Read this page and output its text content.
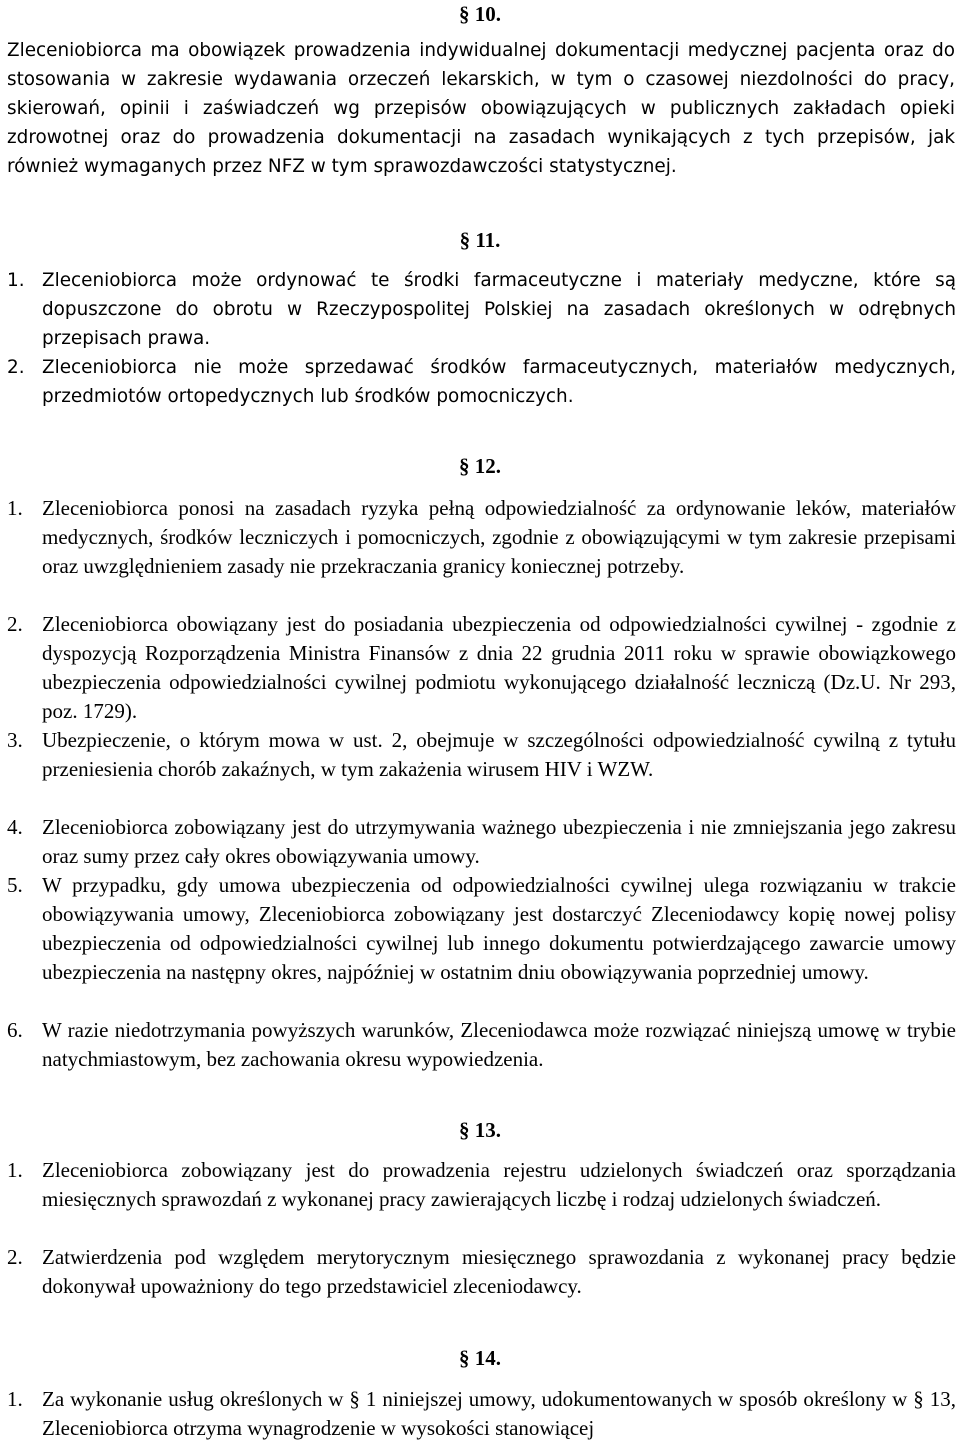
§ 10.

Zleceniobiorca ma obowiązek prowadzenia indywidualnej dokumentacji medycznej pacjenta oraz do stosowania w zakresie wydawania orzeczeń lekarskich, w tym o czasowej niezdolności do pracy, skierowań, opinii i zaświadczeń wg przepisów obowiązujących w publicznych zakładach opieki zdrowotnej oraz do prowadzenia dokumentacji na zasadach wynikających z tych przepisów, jak również wymaganych przez NFZ w tym sprawozdawczości statystycznej.

§ 11.
1. Zleceniobiorca może ordynować te środki farmaceutyczne i materiały medyczne, które są dopuszczone do obrotu w Rzeczypospolitej Polskiej na zasadach określonych w odrębnych przepisach prawa.
2. Zleceniobiorca nie może sprzedawać środków farmaceutycznych, materiałów medycznych, przedmiotów ortopedycznych lub środków pomocniczych.
§ 12.
1. Zleceniobiorca ponosi na zasadach ryzyka pełną odpowiedzialność za ordynowanie leków, materiałów medycznych, środków leczniczych i pomocniczych, zgodnie z obowiązującymi w tym zakresie przepisami oraz uwzględnieniem zasady nie przekraczania granicy koniecznej potrzeby.
2. Zleceniobiorca obowiązany jest do posiadania ubezpieczenia od odpowiedzialności cywilnej - zgodnie z dyspozycją Rozporządzenia Ministra Finansów z dnia 22 grudnia 2011 roku w sprawie obowiązkowego ubezpieczenia odpowiedzialności cywilnej podmiotu wykonującego działalność leczniczą (Dz.U. Nr 293, poz. 1729).
3. Ubezpieczenie, o którym mowa w ust. 2, obejmuje w szczególności odpowiedzialność cywilną z tytułu przeniesienia chorób zakaźnych, w tym zakażenia wirusem HIV i WZW.
4. Zleceniobiorca zobowiązany jest do utrzymywania ważnego ubezpieczenia i nie zmniejszania jego zakresu oraz sumy przez cały okres obowiązywania umowy.
5. W przypadku, gdy umowa ubezpieczenia od odpowiedzialności cywilnej ulega rozwiązaniu w trakcie obowiązywania umowy, Zleceniobiorca zobowiązany jest dostarczyć Zleceniodawcy kopię nowej polisy ubezpieczenia od odpowiedzialności cywilnej lub innego dokumentu potwierdzającego zawarcie umowy ubezpieczenia na następny okres, najpóźniej w ostatnim dniu obowiązywania poprzedniej umowy.
6. W razie niedotrzymania powyższych warunków, Zleceniodawca może rozwiązać niniejszą umowę w trybie natychmiastowym, bez zachowania okresu wypowiedzenia.
§ 13.
1. Zleceniobiorca zobowiązany jest do prowadzenia rejestru udzielonych świadczeń oraz sporządzania miesięcznych sprawozdań z wykonanej pracy zawierających liczbę i rodzaj udzielonych świadczeń.
2. Zatwierdzenia pod względem merytorycznym miesięcznego sprawozdania z wykonanej pracy będzie dokonywał upoważniony do tego przedstawiciel zleceniodawcy.
§ 14.
1. Za wykonanie usług określonych w § 1 niniejszej umowy, udokumentowanych w sposób określony w § 13, Zleceniobiorca otrzyma wynagrodzenie w wysokości stanowiącej
